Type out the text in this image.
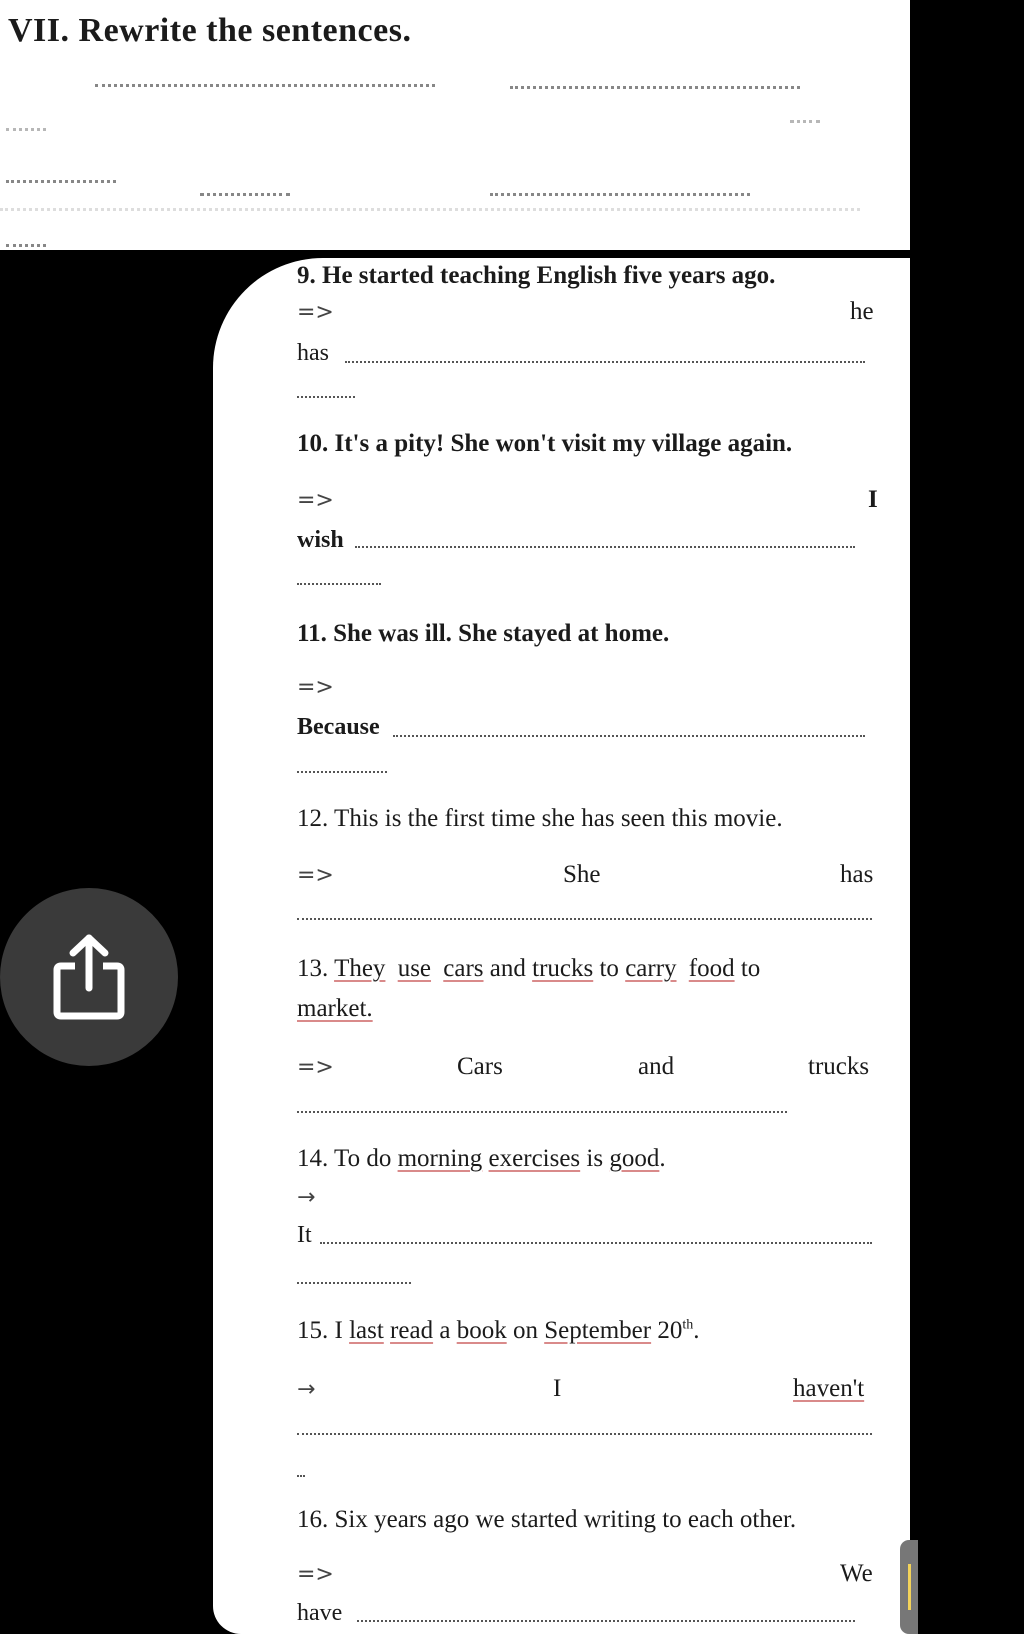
VII. Rewrite the sentences.
9. He started teaching English five years ago.
=>	he
has
10. It's a pity! She won't visit my village again.
=>	I
wish
11. She was ill. She stayed at home.
=>
Because
12. This is the first time she has seen this movie.
=>	She	has
13. They use cars and trucks to carry food to
market.
=>	Cars	and	trucks
14. To do morning exercises is good.
→
It
15. I last read a book on September 20th.
→	I	haven't
16. Six years ago we started writing to each other.
=>	We
have
